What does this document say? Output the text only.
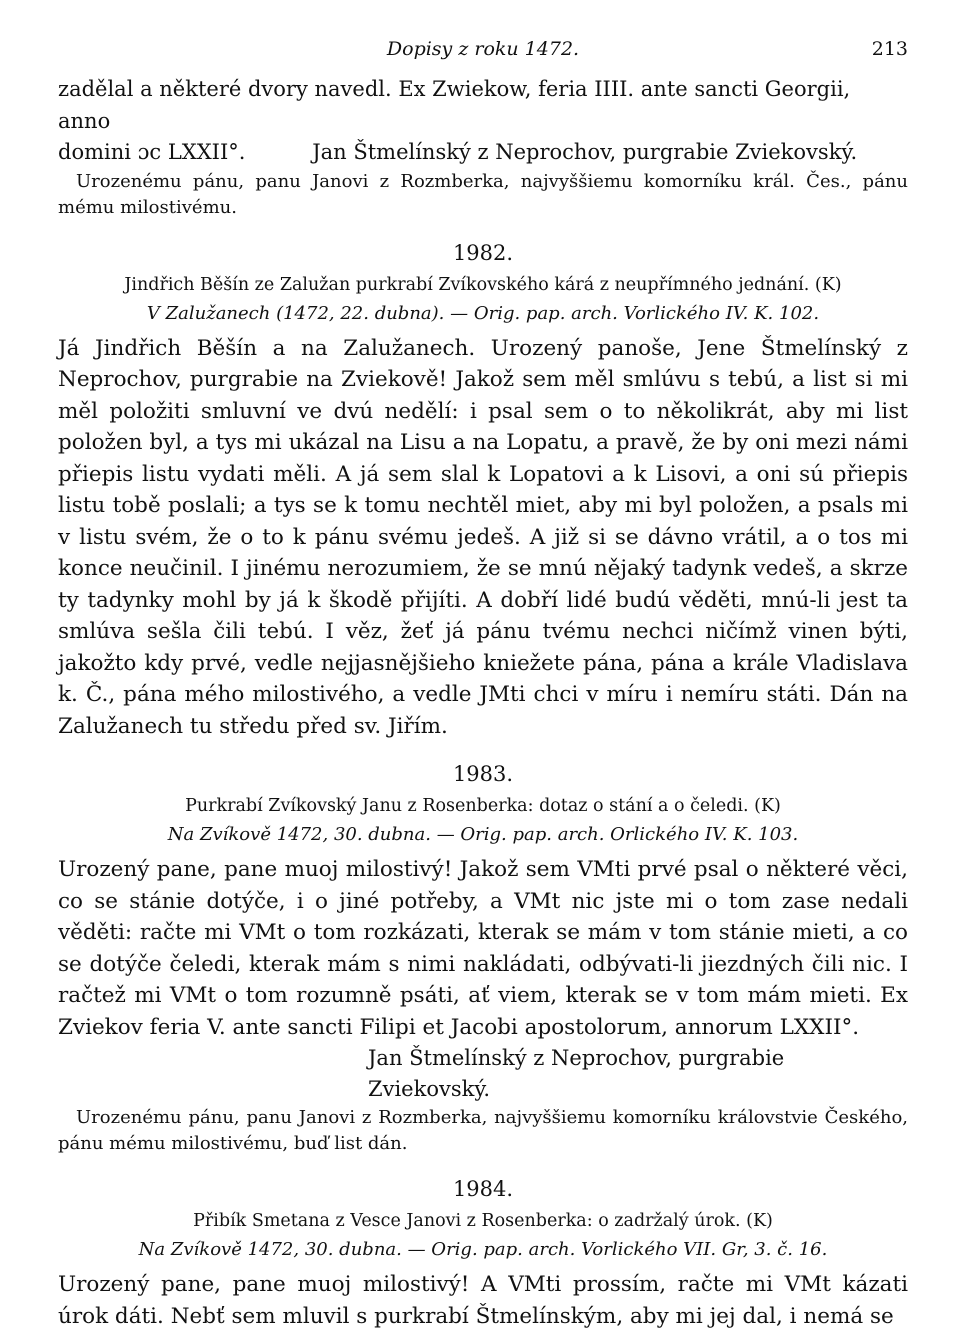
Dopisy z roku 1472.	213

zadělal a některé dvory navedl. Ex Zwiekow, feria IIII. ante sancti Georgii, anno

domini ɔc LXXII°.          Jan Štmelínský z Neprochov, purgrabie Zviekovský.

Urozenému pánu, panu Janovi z Rozmberka, najvyššiemu komorníku král. Čes., pánu mému milostivému.

1982.

Jindřich Běšín ze Zalužan purkrabí Zvíkovského kárá z neupřímného jednání. (K)

V Zalužanech (1472, 22. dubna). — Orig. pap. arch. Vorlického IV. K. 102.

Já Jindřich Běšín a na Zalužanech. Urozený panoše, Jene Štmelínský z Neprochov, purgrabie na Zviekově! Jakož sem měl smlúvu s tebú, a list si mi měl položiti smluvní ve dvú nedělí: i psal sem o to několikrát, aby mi list položen byl, a tys mi ukázal na Lisu a na Lopatu, a pravě, že by oni mezi námi přiepis listu vydati měli. A já sem slal k Lopatovi a k Lisovi, a oni sú přiepis listu tobě poslali; a tys se k tomu nechtěl miet, aby mi byl položen, a psals mi v listu svém, že o to k pánu svému jedeš. A již si se dávno vrátil, a o tos mi konce neučinil. I jinému nerozumiem, že se mnú nějaký tadynk vedeš, a skrze ty tadynky mohl by já k škodě přijíti. A dobří lidé budú věděti, mnú-li jest ta smlúva sešla čili tebú. I věz, žeť já pánu tvému nechci ničímž vinen býti, jakožto kdy prvé, vedle nejjasnějšieho kniežete pána, pána a krále Vladislava k. Č., pána mého milostivého, a vedle JMti chci v míru i nemíru státi. Dán na Zalužanech tu středu před sv. Jiřím.

1983.

Purkrabí Zvíkovský Janu z Rosenberka: dotaz o stání a o čeledi. (K)

Na Zvíkově 1472, 30. dubna. — Orig. pap. arch. Orlického IV. K. 103.

Urozený pane, pane muoj milostivý! Jakož sem VMti prvé psal o některé věci, co se stánie dotýče, i o jiné potřeby, a VMt nic jste mi o tom zase nedali věděti: račte mi VMt o tom rozkázati, kterak se mám v tom stánie mieti, a co se dotýče čeledi, kterak mám s nimi nakládati, odbývati-li jiezdných čili nic. I račtež mi VMt o tom rozumně psáti, ať viem, kterak se v tom mám mieti. Ex Zviekov feria V. ante sancti Filipi et Jacobi apostolorum, annorum LXXII°.

Jan Štmelínský z Neprochov, purgrabie Zviekovský.

Urozenému pánu, panu Janovi z Rozmberka, najvyššiemu komorníku královstvie Českého, pánu mému milostivému, buď list dán.

1984.

Přibík Smetana z Vesce Janovi z Rosenberka: o zadržalý úrok. (K)

Na Zvíkově 1472, 30. dubna. — Orig. pap. arch. Vorlického VII. Gr, 3. č. 16.

Urozený pane, pane muoj milostivý! A VMti prossím, račte mi VMt kázati úrok dáti. Nebť sem mluvil s purkrabí Štmelínským, aby mi jej dal, i nemá se
